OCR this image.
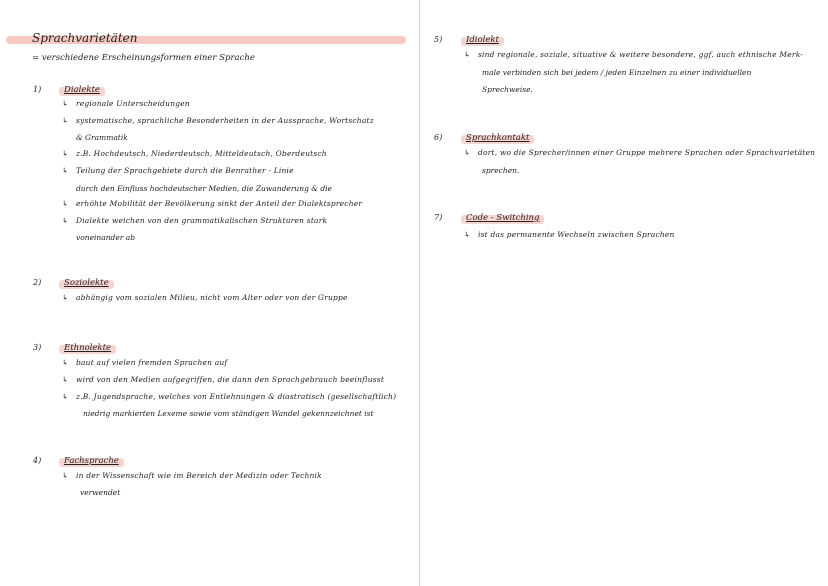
Sprachvarietäten
= verschiedene Erscheinungsformen einer Sprache
1)	Dialekte
↳ regionale Unterscheidungen
↳ systematische, sprachliche Besonderheiten in der Aussprache, Wortschatz
& Grammatik
↳ z.B. Hochdeutsch, Niederdeutsch, Mitteldeutsch, Oberdeutsch
↳ Teilung der Sprachgebiete durch die Benrather - Linie
durch den Einfluss hochdeutscher Medien, die Zuwanderung & die
↳ erhöhte Mobilität der Bevölkerung sinkt der Anteil der Dialektsprecher
↳ Dialekte weichen von den grammatikalischen Strukturen stark
voneinander ab
2)	Soziolekte
↳ abhängig vom sozialen Milieu, nicht vom Alter oder von der Gruppe
3)	Ethnolekte
↳ baut auf vielen fremden Sprachen auf
↳ wird von den Medien aufgegriffen, die dann den Sprachgebrauch beeinflusst
↳ z.B. Jugendsprache, welches von Entlehnungen & diastratisch (gesellschaftlich)
niedrig markierten Lexeme sowie vom ständigen Wandel gekennzeichnet ist
4)	Fachsprache
↳ in der Wissenschaft wie im Bereich der Medizin oder Technik
verwendet
5)	Idiolekt
↳ sind regionale, soziale, situative & weitere besondere, ggf. auch ethnische Merk-
male verbinden sich bei jedem / jeden Einzelnen zu einer individuellen
Sprechweise.
6)	Sprachkontakt
↳ dort, wo die Sprecher/innen einer Gruppe mehrere Sprachen oder Sprachvarietäten
sprechen.
7)	Code - Switching
↳ ist das permanente Wechseln zwischen Sprachen
